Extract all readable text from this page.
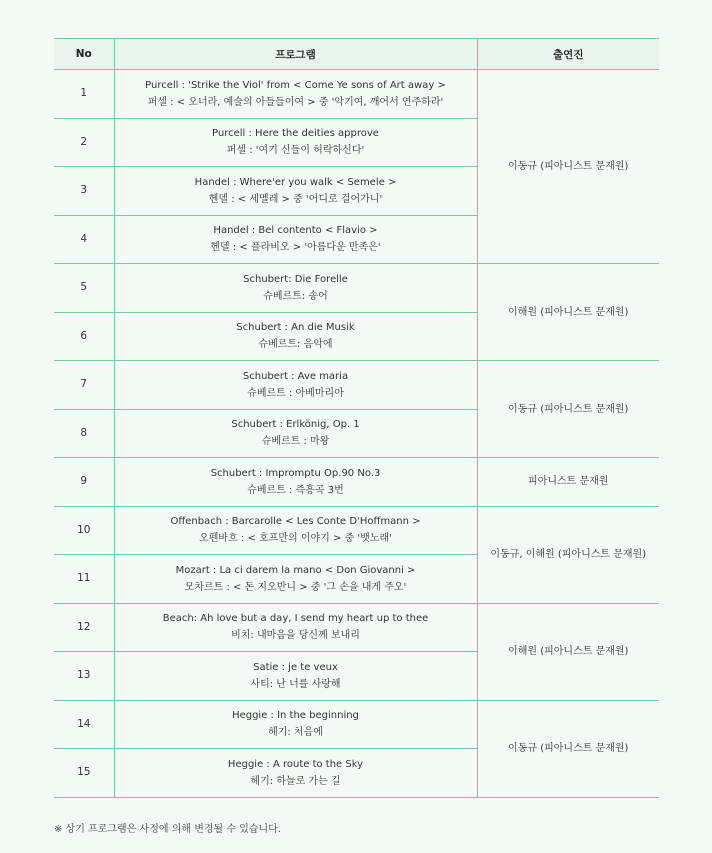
No	프로그램	출연진
1	Purcell : 'Strike the Viol' from < Come Ye sons of Art away >
퍼셀 : < 오너라, 예술의 아들들이여 > 중 '악기여, 깨어서 연주하라'	이동규 (피아니스트 문재원)
2	Purcell : Here the deities approve
퍼셀 : '여기 신들이 허락하신다'	

3	Handel : Where'er you walk < Semele >
헨델 : < 세멜레 > 중 '어디로 걸어가니'	

4	Handel : Bel contento < Flavio >
헨델 : < 플라비오 > '아름다운 만족은'	

5	Schubert: Die Forelle
슈베르트: 송어	이해원 (피아니스트 문재원)
6	Schubert : An die Musik
슈베르트: 음악에	

7	Schubert : Ave maria
슈베르트 : 아베마리아	이동규 (피아니스트 문재원)
8	Schubert : Erlkönig, Op. 1
슈베르트 : 마왕	

9	Schubert : Impromptu Op.90 No.3
슈베르트 : 즉흥곡 3번	피아니스트 문재원
10	Offenbach : Barcarolle < Les Conte D'Hoffmann >
오펜바흐 : < 호프만의 이야기 > 중 '뱃노래'	이동규, 이해원 (피아니스트 문재원)
11	Mozart : La ci darem la mano < Don Giovanni >
모차르트 : < 돈 지오반니 > 중 '그 손을 내게 주오'	

12	Beach: Ah love but a day, I send my heart up to thee
비치: 내마음을 당신께 보내리	이해원 (피아니스트 문재원)
13	Satie : je te veux
사티: 난 너를 사랑해	

14	Heggie : In the beginning
헤기: 처음에	이동규 (피아니스트 문재원)
15	Heggie : A route to the Sky
헤기: 하늘로 가는 길	
※ 상기 프로그램은 사정에 의해 변경될 수 있습니다.
